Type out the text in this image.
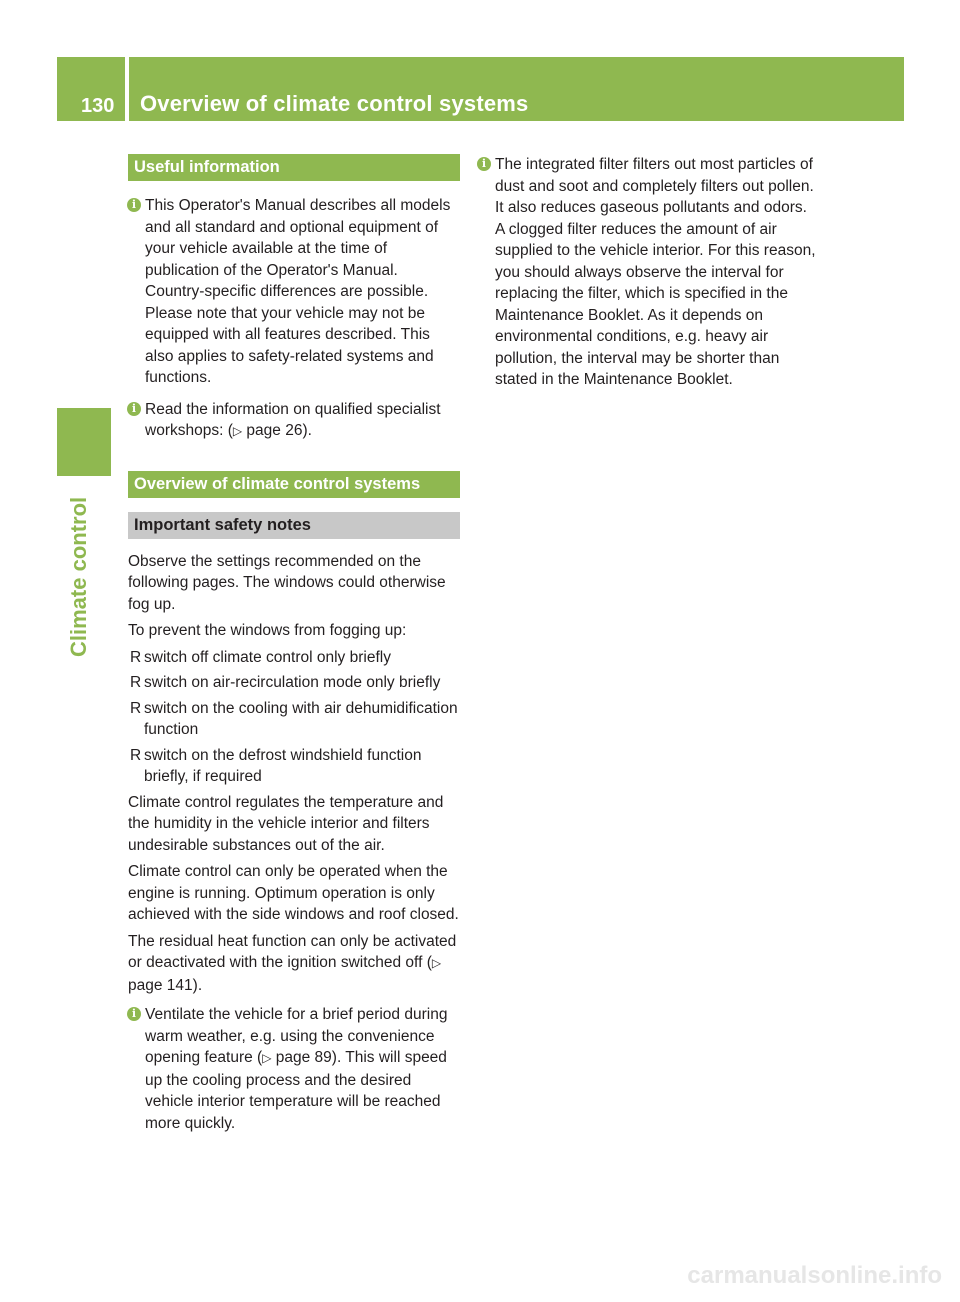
130 Overview of climate control systems
Climate control
Useful information
i This Operator's Manual describes all models and all standard and optional equipment of your vehicle available at the time of publication of the Operator's Manual. Country-specific differences are possible. Please note that your vehicle may not be equipped with all features described. This also applies to safety-related systems and functions.
i Read the information on qualified specialist workshops: (▷ page 26).
Overview of climate control systems
Important safety notes

Observe the settings recommended on the following pages. The windows could otherwise fog up.

To prevent the windows from fogging up:

R switch off climate control only briefly
R switch on air-recirculation mode only briefly
R switch on the cooling with air dehumidification function
R switch on the defrost windshield function briefly, if required

Climate control regulates the temperature and the humidity in the vehicle interior and filters undesirable substances out of the air.

Climate control can only be operated when the engine is running. Optimum operation is only achieved with the side windows and roof closed.

The residual heat function can only be activated or deactivated with the ignition switched off (▷ page 141).

i Ventilate the vehicle for a brief period during warm weather, e.g. using the convenience opening feature (▷ page 89). This will speed up the cooling process and the desired vehicle interior temperature will be reached more quickly.
i The integrated filter filters out most particles of dust and soot and completely filters out pollen. It also reduces gaseous pollutants and odors. A clogged filter reduces the amount of air supplied to the vehicle interior. For this reason, you should always observe the interval for replacing the filter, which is specified in the Maintenance Booklet. As it depends on environmental conditions, e.g. heavy air pollution, the interval may be shorter than stated in the Maintenance Booklet.
carmanualsonline.info
